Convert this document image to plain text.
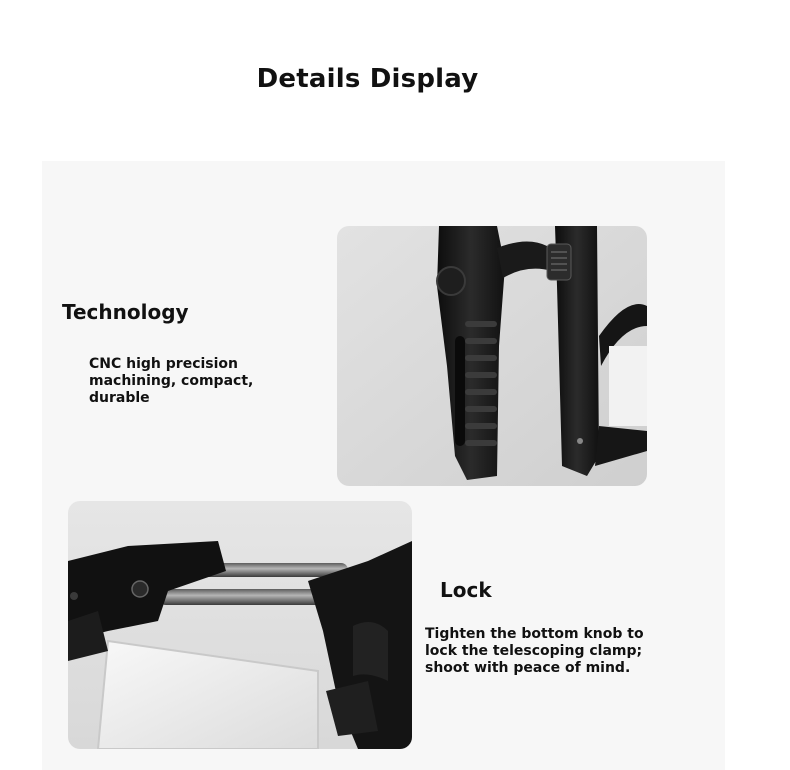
Details Display
Technology

CNC high precision machining, compact, durable

Lock

Tighten the bottom knob to lock the telescoping clamp; shoot with peace of mind.
